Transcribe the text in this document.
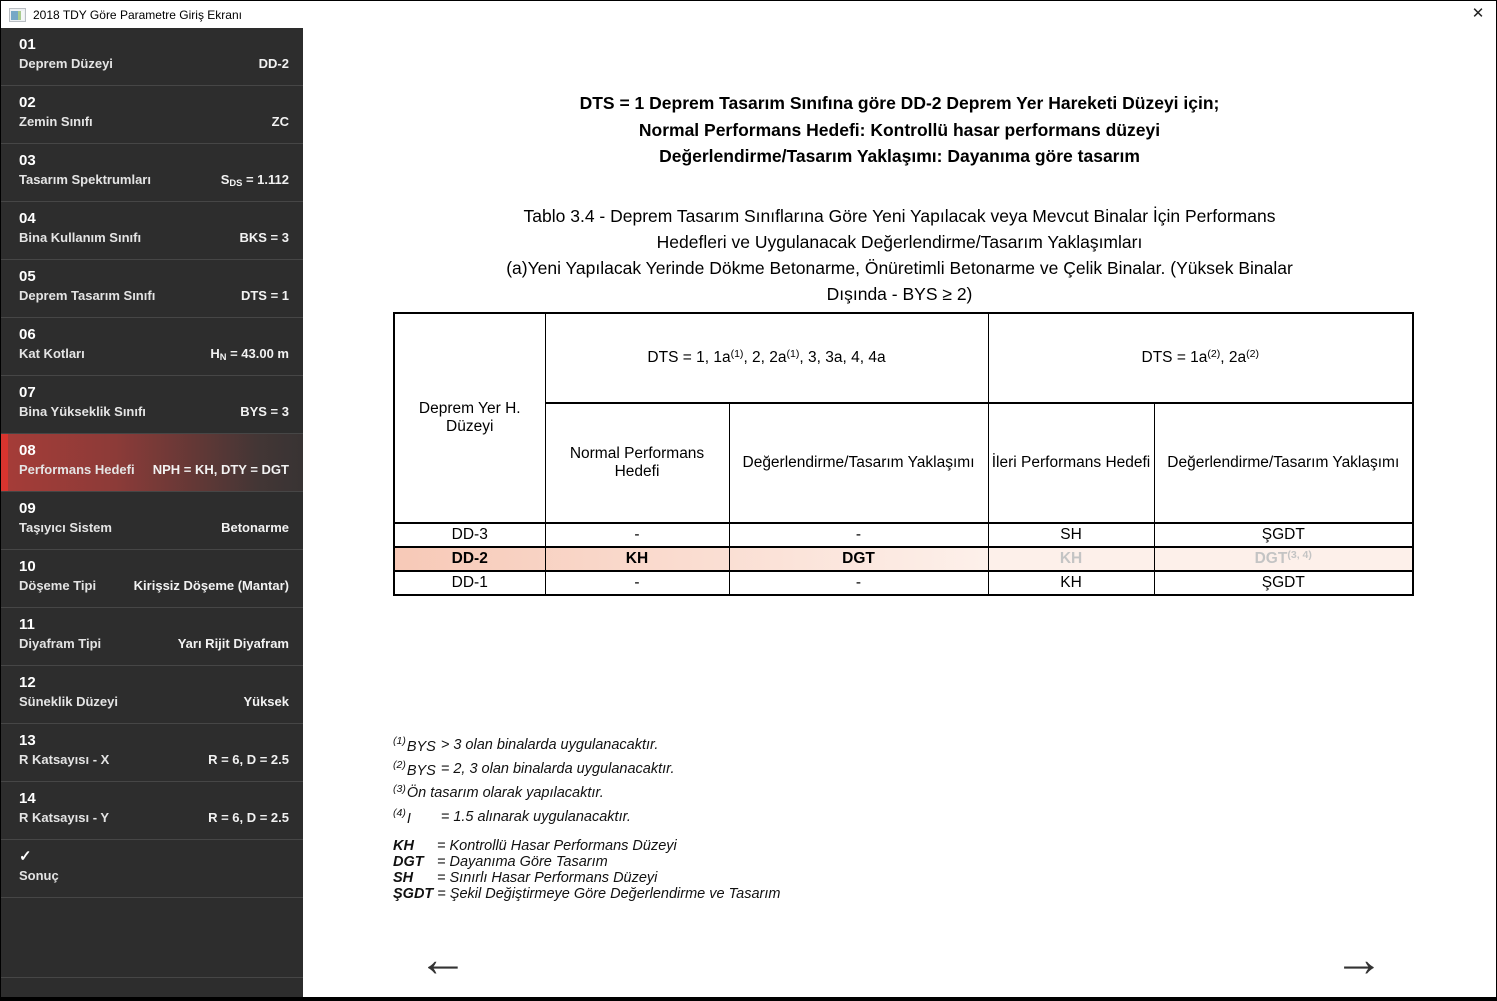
2018 TDY Göre Parametre Giriş Ekranı	✕
01
Deprem Düzeyi	DD-2
02
Zemin Sınıfı	ZC
03
Tasarım Spektrumları	SDS = 1.112
04
Bina Kullanım Sınıfı	BKS = 3
05
Deprem Tasarım Sınıfı	DTS = 1
06
Kat Kotları	HN = 43.00 m
07
Bina Yükseklik Sınıfı	BYS = 3
08
Performans Hedefi NPH = KH, DTY = DGT
09
Taşıyıcı Sistem	Betonarme
10
Döşeme Tipi	Kirişsiz Döşeme (Mantar)
11
Diyafram Tipi	Yarı Rijit Diyafram
12
Süneklik Düzeyi	Yüksek
13
R Katsayısı - X	R = 6, D = 2.5
14
R Katsayısı - Y	R = 6, D = 2.5
✓
Sonuç
DTS = 1 Deprem Tasarım Sınıfına göre DD-2 Deprem Yer Hareketi Düzeyi için;
Normal Performans Hedefi: Kontrollü hasar performans düzeyi
Değerlendirme/Tasarım Yaklaşımı: Dayanıma göre tasarım
Tablo 3.4 - Deprem Tasarım Sınıflarına Göre Yeni Yapılacak veya Mevcut Binalar İçin Performans
Hedefleri ve Uygulanacak Değerlendirme/Tasarım Yaklaşımları
(a)Yeni Yapılacak Yerinde Dökme Betonarme, Önüretimli Betonarme ve Çelik Binalar. (Yüksek Binalar
Dışında - BYS ≥ 2)
Deprem Yer H. Düzeyi	DTS = 1, $1a^{(1)}$, 2, $2a^{(1)}$, 3, 3a, 4, 4a		DTS = $1a^{(2)}$, $2a^{(2)}$
	Normal Performans Hedefi	Değerlendirme/Tasarım Yaklaşımı	İleri Performans Hedefi	Değerlendirme/Tasarım Yaklaşımı
DD-3	-	-	SH	ŞGDT
DD-2	KH	DGT	KH	DGT$^{(3, 4)}$
DD-1	-	-	KH	ŞGDT
(1)BYS > 3 olan binalarda uygulanacaktır.
(2)BYS = 2, 3 olan binalarda uygulanacaktır.
(3)Ön tasarım olarak yapılacaktır.
(4)I = 1.5 alınarak uygulanacaktır.
KH	= Kontrollü Hasar Performans Düzeyi
DGT = Dayanıma Göre Tasarım
SH	= Sınırlı Hasar Performans Düzeyi
ŞGDT = Şekil Değiştirmeye Göre Değerlendirme ve Tasarım
←	→
